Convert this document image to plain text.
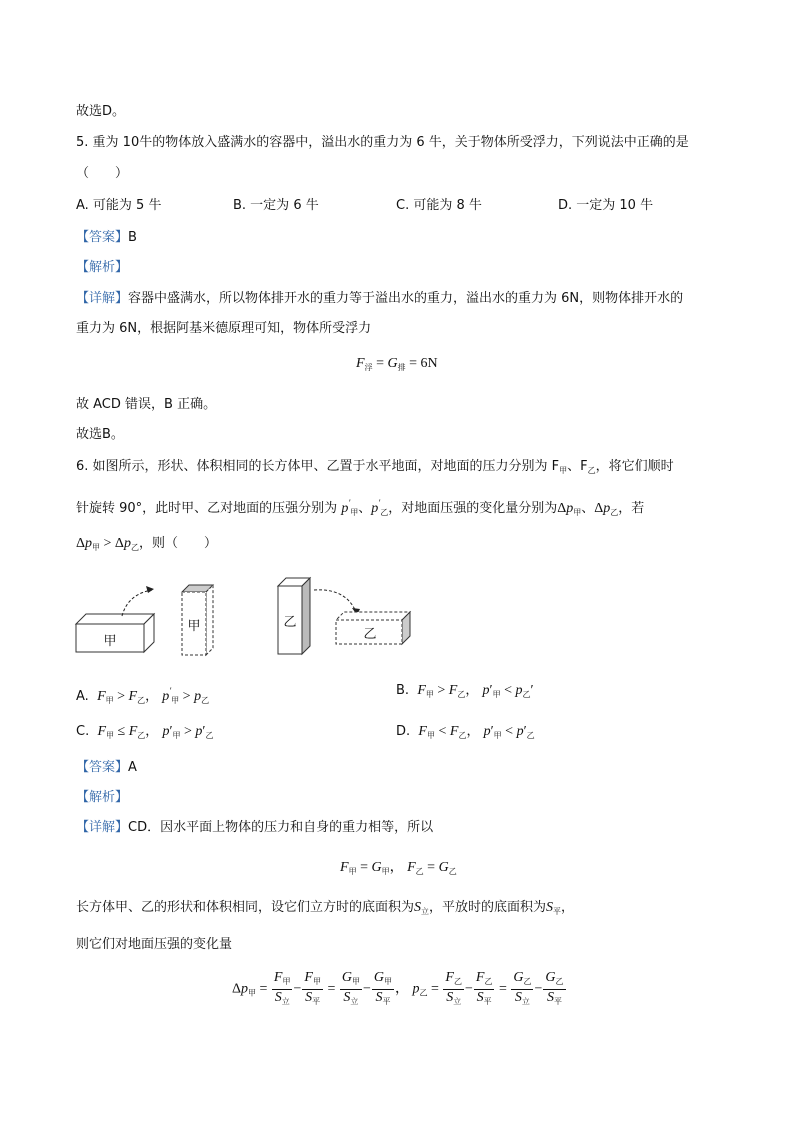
故选D。
5. 重为 10牛的物体放入盛满水的容器中，溢出水的重力为 6 牛，关于物体所受浮力，下列说法中正确的是
（　　）
A. 可能为 5 牛	B. 一定为 6 牛	C. 可能为 8 牛	D. 一定为 10 牛
【答案】B
【解析】
【详解】容器中盛满水，所以物体排开水的重力等于溢出水的重力，溢出水的重力为 6N，则物体排开水的
重力为 6N，根据阿基米德原理可知，物体所受浮力
$F_浮 = G_排 = 6N$
故 ACD 错误，B 正确。
故选B。
6. 如图所示，形状、体积相同的长方体甲、乙置于水平地面，对地面的压力分别为 $F_甲$、$F_乙$，将它们顺时
针旋转 90°，此时甲、乙对地面的压强分别为 $p'_甲$、$p'_乙$，对地面压强的变化量分别为$\Delta p_甲$、$\Delta p_乙$，若
$\Delta p_甲 > \Delta p_乙$，则（　　）
甲
甲	乙
乙
A. $F_甲 > F_乙$， $p'_甲 > p_乙$
B. $F_甲 > F_乙$， $p'_甲 < p_乙'$
C. $F_甲 \le F_乙$， $p'_甲 > p'_乙$	D. $F_甲 < F_乙$， $p'_甲 < p'_乙$
【答案】A
【解析】
【详解】CD．因水平面上物体的压力和自身的重力相等，所以
$F_甲 = G_甲$， $F_乙 = G_乙$
长方体甲、乙的形状和体积相同，设它们立方时的底面积为$S_立$，平放时的底面积为$S_平$，
则它们对地面压强的变化量
$\Delta p_甲 = \frac{F_甲}{S_立} - \frac{F_甲}{S_平} = \frac{G_甲}{S_立} - \frac{G_甲}{S_平}$ ， $p_乙 = \frac{F_乙}{S_立} - \frac{F_乙}{S_平} = \frac{G_乙}{S_立} - \frac{G_乙}{S_平}$
